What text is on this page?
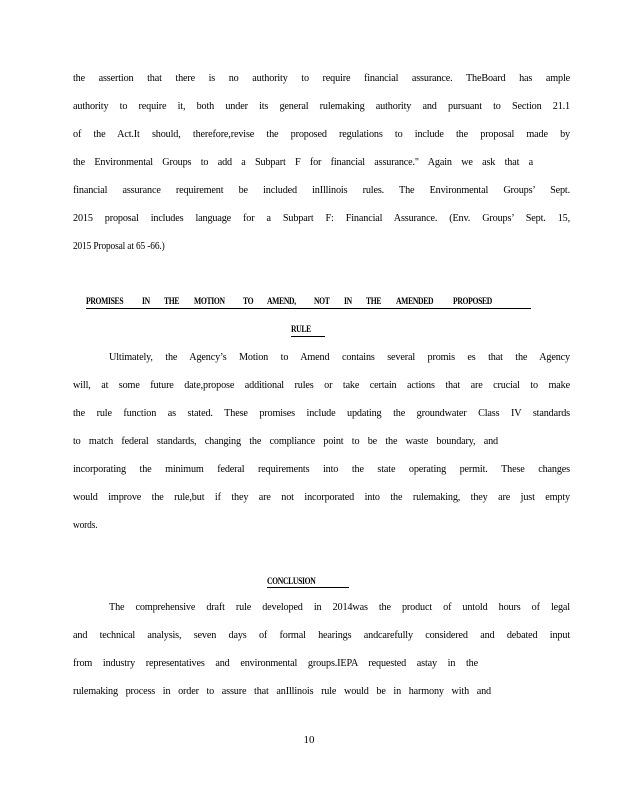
the assertion that there is no authority to require financial assurance. TheBoard has ample
authority to require it, both under its general rulemaking authority and pursuant to Section 21.1
of the Act.It should, therefore,revise the proposed regulations to include the proposal made by
the Environmental Groups to add a Subpart F for financial assurance." Again we ask that a
financial assurance requirement be included inIllinois rules. The Environmental Groups’ Sept.
2015 proposal includes language for a Subpart F: Financial Assurance. (Env. Groups’ Sept. 15,
2015 Proposal at 65 -66.)
PROMISES IN THE MOTION TO AMEND, NOT IN THE AMENDED PROPOSED
RULE
Ultimately, the Agency’s Motion to Amend contains several promis es that the Agency
will, at some future date,propose additional rules or take certain actions that are crucial to make
the rule function as stated. These promises include updating the groundwater Class IV standards
to match federal standards, changing the compliance point to be the waste boundary, and
incorporating the minimum federal requirements into the state operating permit. These changes
would improve the rule,but if they are not incorporated into the rulemaking, they are just empty
words.
CONCLUSION
The comprehensive draft rule developed in 2014was the product of untold hours of legal
and technical analysis, seven days of formal hearings andcarefully considered and debated input
from industry representatives and environmental groups.IEPA requested astay in the
rulemaking process in order to assure that anIllinois rule would be in harmony with and
10
